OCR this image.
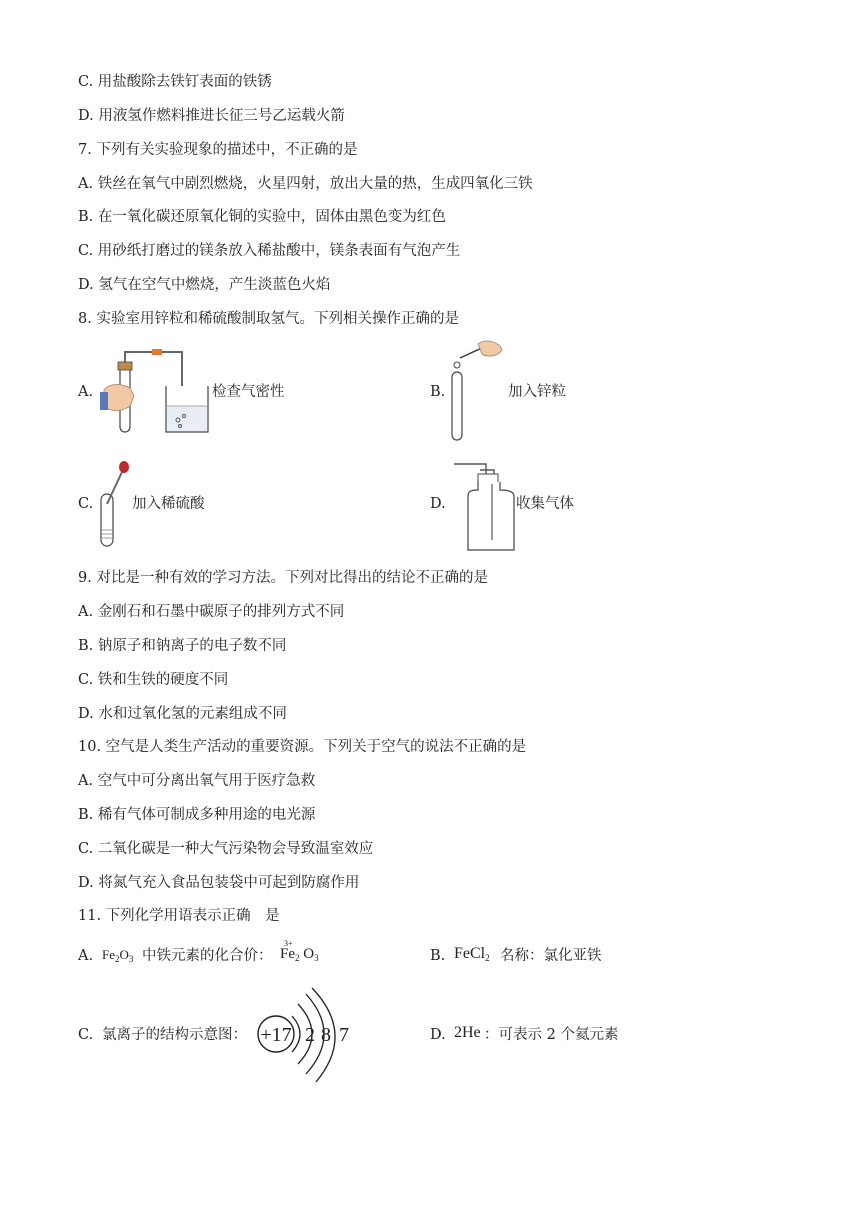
C. 用盐酸除去铁钉表面的铁锈
D. 用液氢作燃料推进长征三号乙运载火箭
7. 下列有关实验现象的描述中，不正确的是
A. 铁丝在氧气中剧烈燃烧，火星四射，放出大量的热，生成四氧化三铁
B. 在一氧化碳还原氧化铜的实验中，固体由黑色变为红色
C. 用砂纸打磨过的镁条放入稀盐酸中，镁条表面有气泡产生
D. 氢气在空气中燃烧，产生淡蓝色火焰
8. 实验室用锌粒和稀硫酸制取氢气。下列相关操作正确的是
A.	检查气密性	B.	加入锌粒
C.	加入稀硫酸	D.	收集气体
9. 对比是一种有效的学习方法。下列对比得出的结论不正确的是
A. 金刚石和石墨中碳原子的排列方式不同
B. 钠原子和钠离子的电子数不同
C. 铁和生铁的硬度不同
D. 水和过氧化氢的元素组成不同
10. 空气是人类生产活动的重要资源。下列关于空气的说法不正确的是
A. 空气中可分离出氧气用于医疗急救
B. 稀有气体可制成多种用途的电光源
C. 二氧化碳是一种大气污染物会导致温室效应
D. 将氮气充入食品包装袋中可起到防腐作用
11. 下列化学用语表示正确　是
A. $Fe_2O_3$ 中铁元素的化合价：
3+
$Fe_2$ $O_3$	B. FeCl$_2$ 名称：氯化亚铁
C. 氯离子的结构示意图： +17 2 8 7	D. 2He ：可表示 2 个氦元素
